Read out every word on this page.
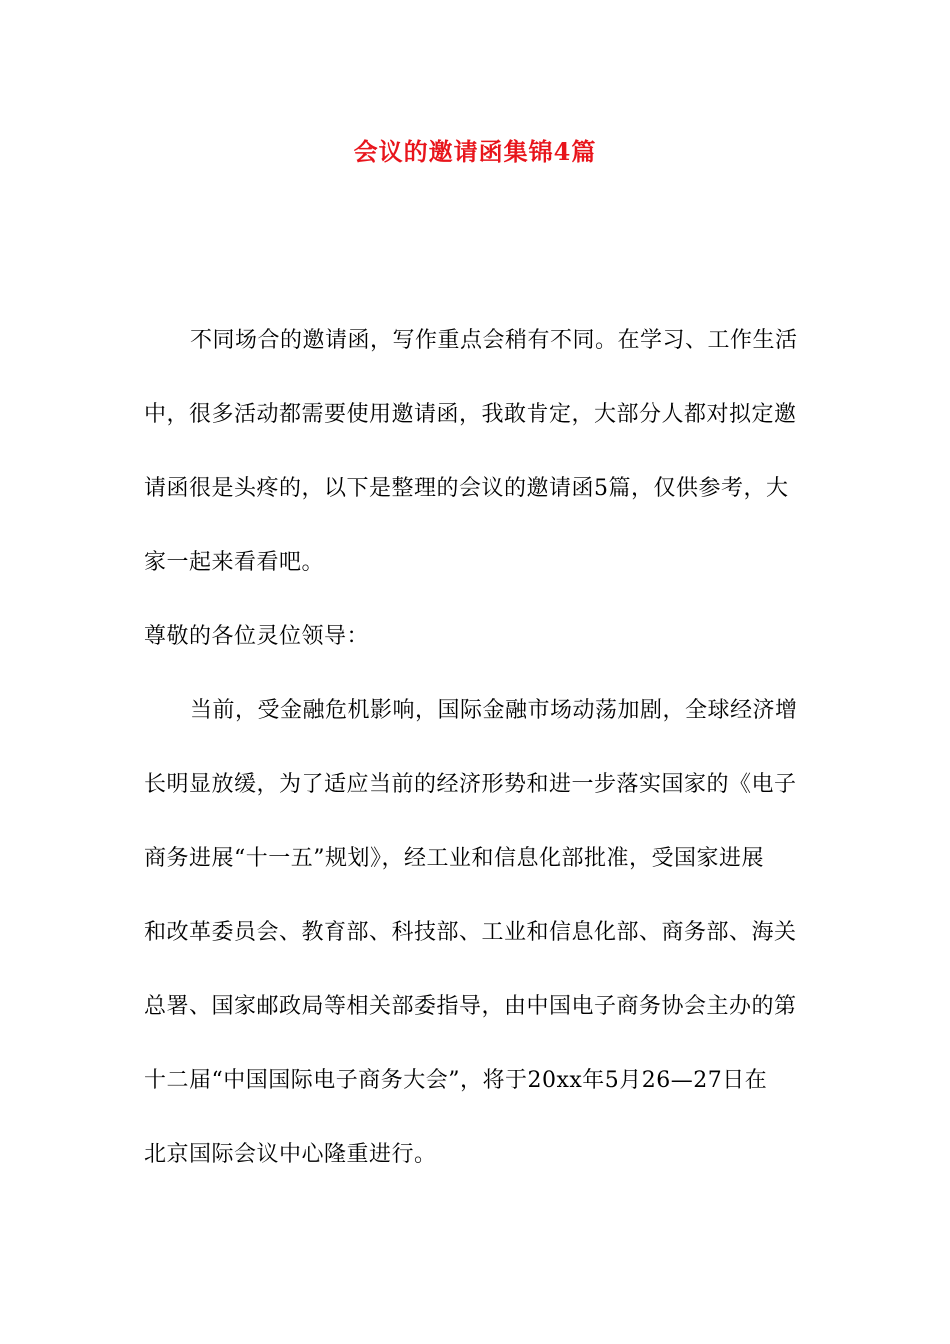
会议的邀请函集锦4篇
不同场合的邀请函，写作重点会稍有不同。在学习、工作生活
中，很多活动都需要使用邀请函，我敢肯定，大部分人都对拟定邀
请函很是头疼的，以下是整理的会议的邀请函5篇，仅供参考，大
家一起来看看吧。
尊敬的各位灵位领导：
当前，受金融危机影响，国际金融市场动荡加剧，全球经济增
长明显放缓，为了适应当前的经济形势和进一步落实国家的《电子
商务进展“十一五”规划》，经工业和信息化部批准，受国家进展
和改革委员会、教育部、科技部、工业和信息化部、商务部、海关
总署、国家邮政局等相关部委指导，由中国电子商务协会主办的第
十二届“中国国际电子商务大会”，将于20xx年5月26—27日在
北京国际会议中心隆重进行。
